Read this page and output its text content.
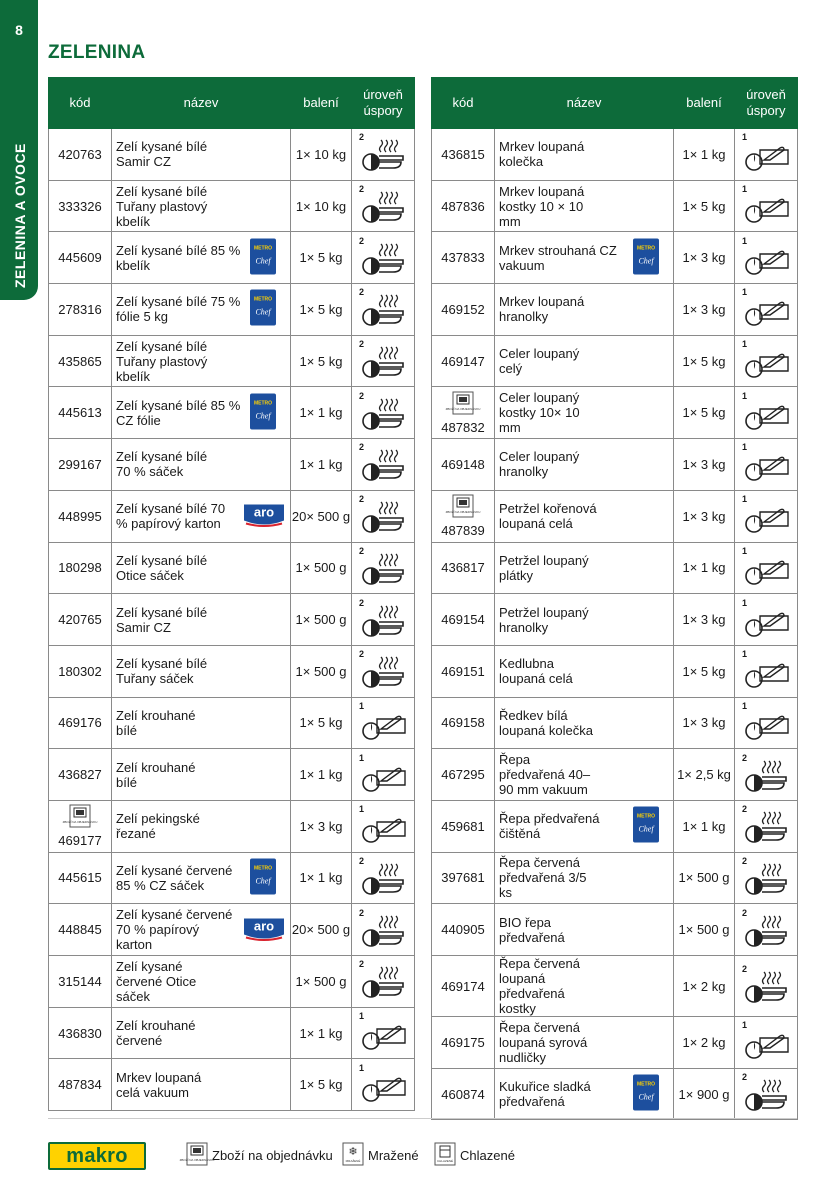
8
ZELENINA A OVOCE
ZELENINA
kód	název	balení	úroveň úspory

420763	Zelí kysané bílé Samir CZ	1× 10 kg	2

333326	Zelí kysané bílé Tuřany plastový kbelík	1× 10 kg	2

445609	Zelí kysané bílé 85 % kbelík
METRO
Chef	1× 5 kg	2

278316	Zelí kysané bílé 75 % fólie 5 kg
METRO
Chef	1× 5 kg	2

435865	Zelí kysané bílé Tuřany plastový kbelík	1× 5 kg	2

445613	Zelí kysané bílé 85 % CZ fólie
METRO
Chef	1× 1 kg	2

299167	Zelí kysané bílé 70 % sáček	1× 1 kg	2

448995	Zelí kysané bílé 70 % papírový karton
aro	20× 500 g	2

180298	Zelí kysané bílé Otice sáček	1× 500 g	2

420765	Zelí kysané bílé Samir CZ	1× 500 g	2

180302	Zelí kysané bílé Tuřany sáček	1× 500 g	2

469176	Zelí krouhané bílé	1× 5 kg	1

436827	Zelí krouhané bílé	1× 1 kg	1

ZBOŽÍ NA OBJEDNÁVKU
469177	Zelí pekingské řezané	1× 3 kg	1

445615	Zelí kysané červené 85 % CZ sáček
METRO
Chef	1× 1 kg	2

448845	Zelí kysané červené 70 % papírový karton
aro	20× 500 g	2

315144	Zelí kysané červené Otice sáček	1× 500 g	2

436830	Zelí krouhané červené	1× 1 kg	1

487834	Mrkev loupaná celá vakuum	1× 5 kg	1
kód	název	balení	úroveň úspory

436815	Mrkev loupaná kolečka	1× 1 kg	1

487836	Mrkev loupaná kostky 10 × 10 mm	1× 5 kg	1

437833	Mrkev strouhaná CZ vakuum
METRO
Chef	1× 3 kg	1

469152	Mrkev loupaná hranolky	1× 3 kg	1

469147	Celer loupaný celý	1× 5 kg	1

ZBOŽÍ NA OBJEDNÁVKU
487832	Celer loupaný kostky 10× 10 mm	1× 5 kg	1

469148	Celer loupaný hranolky	1× 3 kg	1

ZBOŽÍ NA OBJEDNÁVKU
487839	Petržel kořenová loupaná celá	1× 3 kg	1

436817	Petržel loupaný plátky	1× 1 kg	1

469154	Petržel loupaný hranolky	1× 3 kg	1

469151	Kedlubna loupaná celá	1× 5 kg	1

469158	Ředkev bílá loupaná kolečka	1× 3 kg	1

467295	Řepa předvařená 40–90 mm vakuum	1× 2,5 kg	2

459681	Řepa předvařená čištěná
METRO
Chef	1× 1 kg	2

397681	Řepa červená předvařená 3/5 ks	1× 500 g	2

440905	BIO řepa předvařená	1× 500 g	2

469174	Řepa červená loupaná předvařená kostky	1× 2 kg	2

469175	Řepa červená loupaná syrová nudličky	1× 2 kg	1

460874	Kukuřice sladká předvařená
METRO
Chef	1× 900 g	2
makro	ZBOŽÍ NA OBJEDNÁVKU
Zboží na objednávku ❄
MRAŽENÉ Mražené	CHLAZENÉ Chlazené
